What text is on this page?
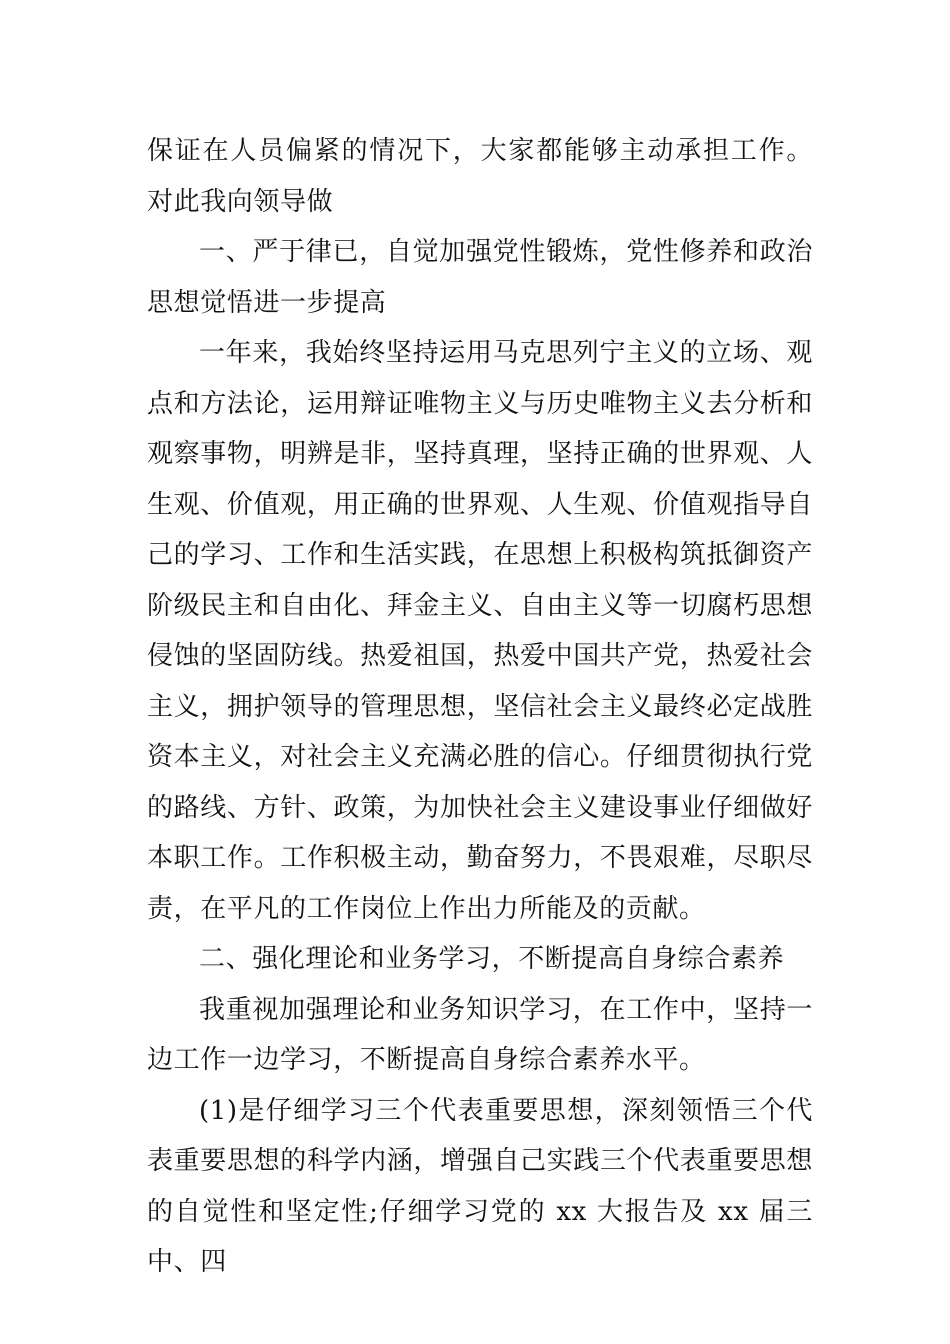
保证在人员偏紧的情况下，大家都能够主动承担工作。 对此我向领导做

一、严于律已，自觉加强党性锻炼，党性修养和政治思想觉悟进一步提高

一年来，我始终坚持运用马克思列宁主义的立场、观点和方法论，运用辩证唯物主义与历史唯物主义去分析和观察事物，明辨是非，坚持真理，坚持正确的世界观、人生观、价值观，用正确的世界观、人生观、价值观指导自己的学习、工作和生活实践，在思想上积极构筑抵御资产阶级民主和自由化、拜金主义、自由主义等一切腐朽思想侵蚀的坚固防线。热爱祖国，热爱中国共产党，热爱社会主义，拥护领导的管理思想，坚信社会主义最终必定战胜资本主义，对社会主义充满必胜的信心。仔细贯彻执行党的路线、方针、政策，为加快社会主义建设事业仔细做好本职工作。工作积极主动，勤奋努力，不畏艰难，尽职尽责，在平凡的工作岗位上作出力所能及的贡献。

二、强化理论和业务学习，不断提高自身综合素养

我重视加强理论和业务知识学习，在工作中，坚持一边工作一边学习，不断提高自身综合素养水平。

(1)是仔细学习三个代表重要思想，深刻领悟三个代表重要思想的科学内涵，增强自己实践三个代表重要思想的自觉性和坚定性;仔细学习党的 xx 大报告及 xx 届三中、四
